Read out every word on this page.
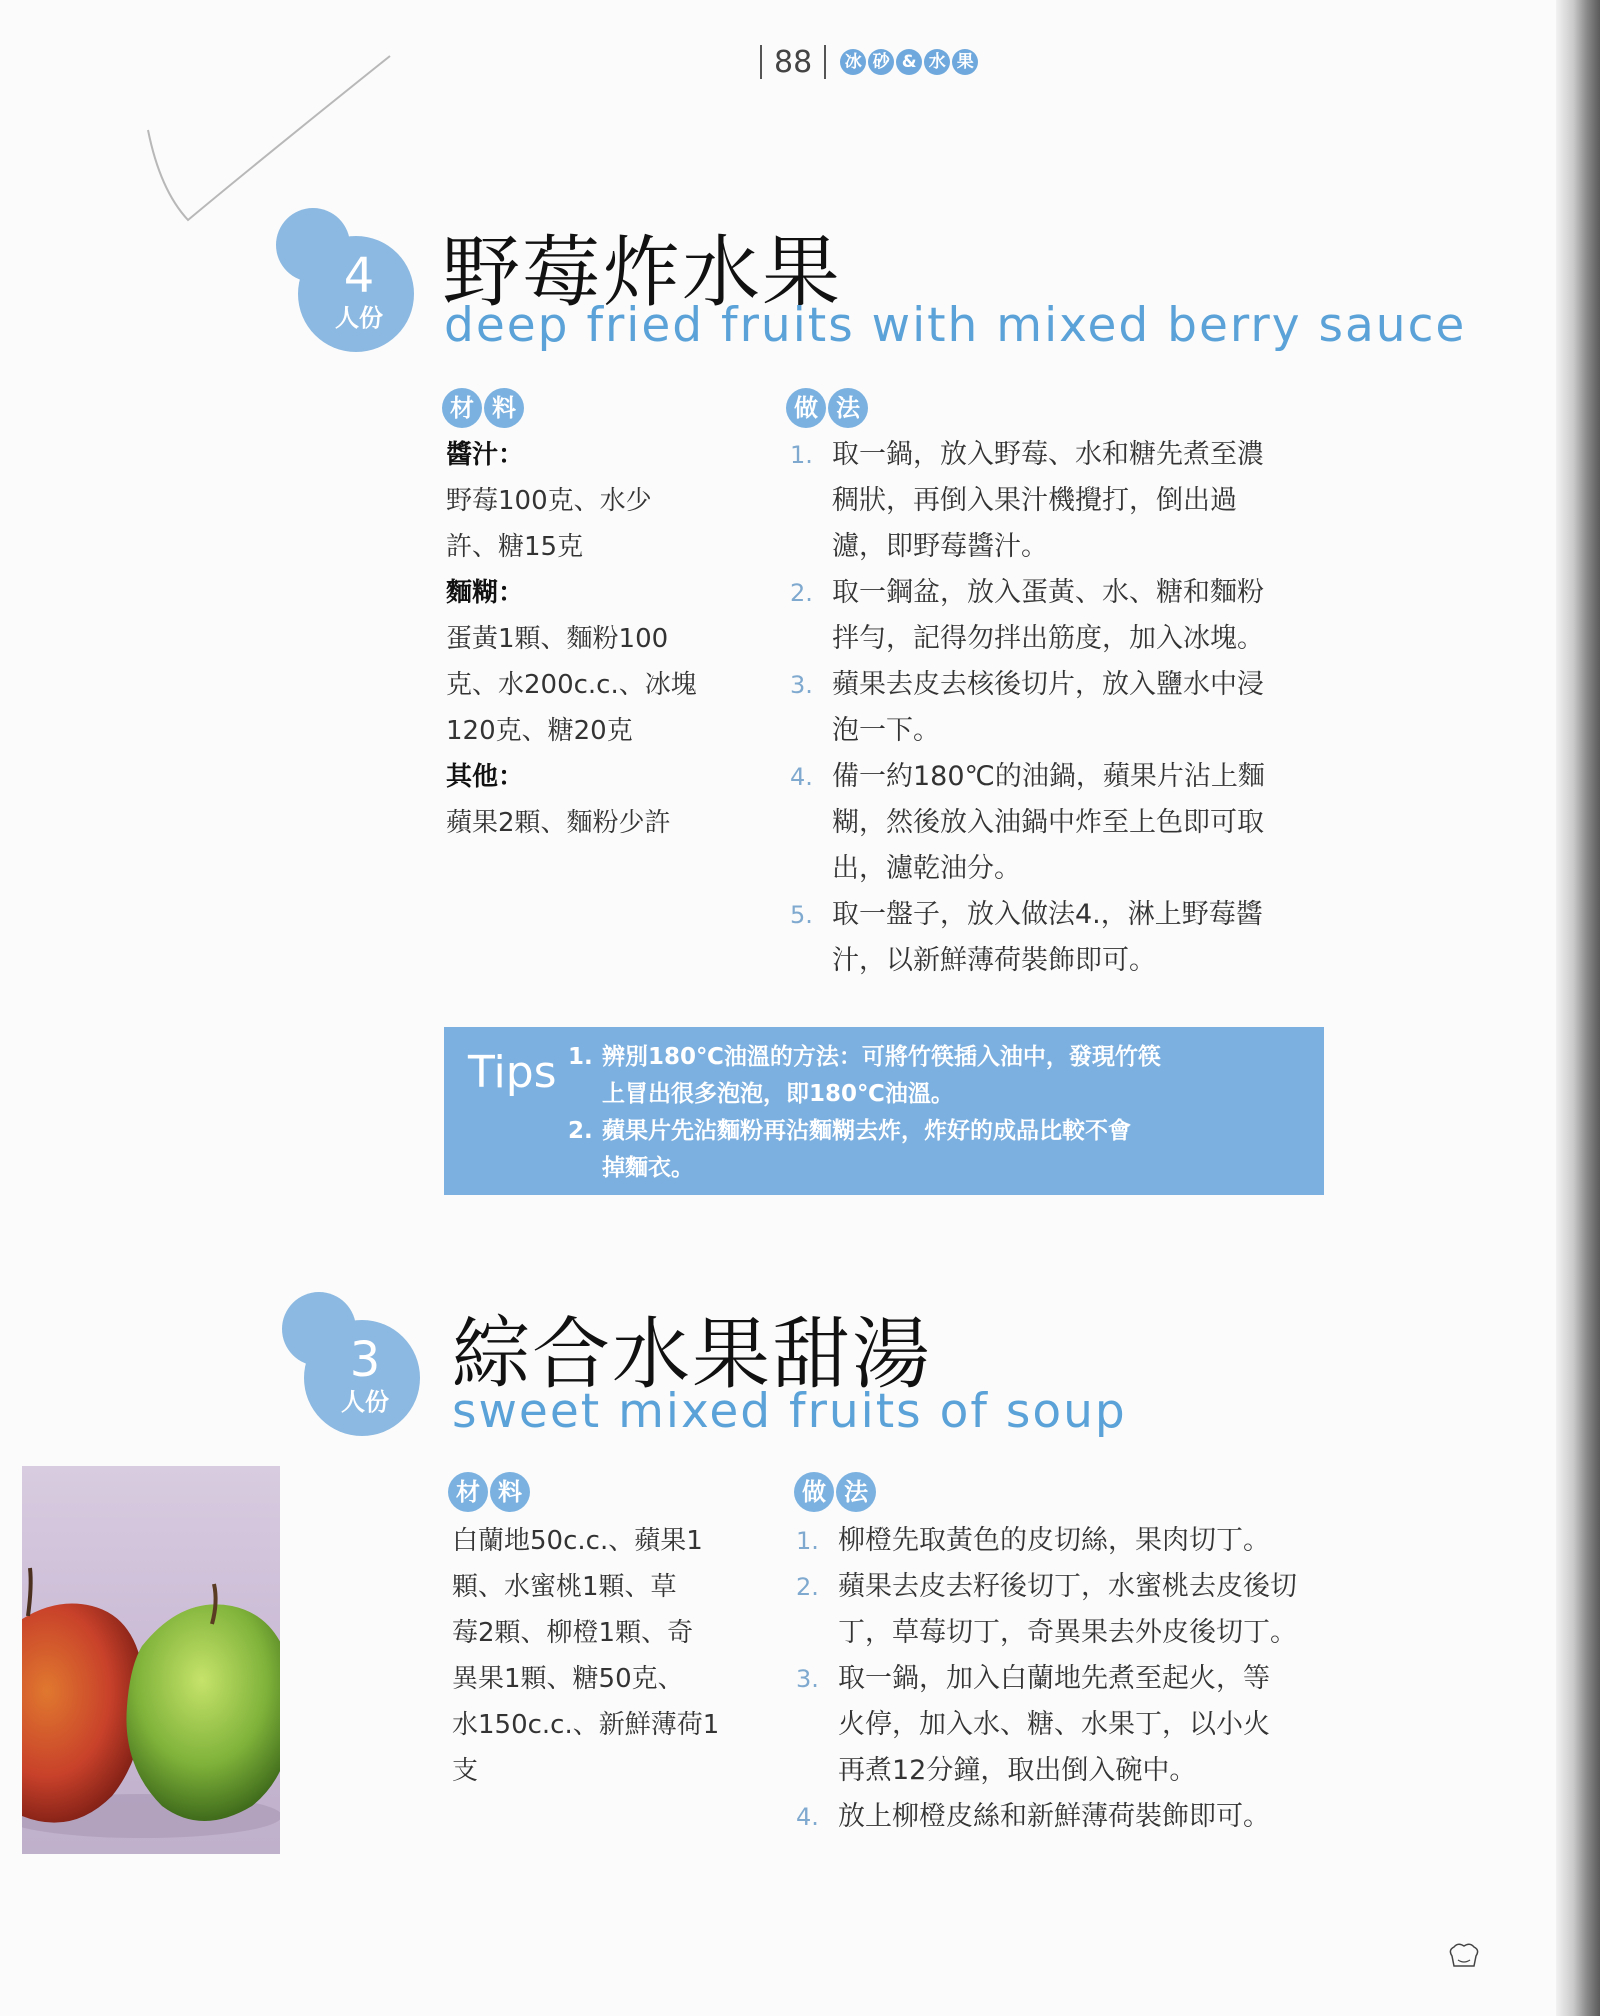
88 冰 砂 & 水 果
4
人份 野莓炸水果
deep fried fruits with mixed berry sauce
材 料	做 法
醬汁：
野莓100克、水少
許、糖15克
麵糊：
蛋黃1顆、麵粉100
克、水200c.c.、冰塊
120克、糖20克
其他：
蘋果2顆、麵粉少許
1. 取一鍋，放入野莓、水和糖先煮至濃
稠狀，再倒入果汁機攪打，倒出過
濾，即野莓醬汁。
2. 取一鋼盆，放入蛋黃、水、糖和麵粉
拌勻，記得勿拌出筋度，加入冰塊。
3. 蘋果去皮去核後切片，放入鹽水中浸
泡一下。
4. 備一約180℃的油鍋，蘋果片沾上麵
糊，然後放入油鍋中炸至上色即可取
出，濾乾油分。
5. 取一盤子，放入做法4.，淋上野莓醬
汁，以新鮮薄荷裝飾即可。
Tips 1. 辨別180℃油溫的方法：可將竹筷插入油中，發現竹筷
上冒出很多泡泡，即180℃油溫。
2. 蘋果片先沾麵粉再沾麵糊去炸，炸好的成品比較不會
掉麵衣。
3
人份
綜合水果甜湯
sweet mixed fruits of soup
材 料	做 法
白蘭地50c.c.、蘋果1
顆、水蜜桃1顆、草
莓2顆、柳橙1顆、奇
異果1顆、糖50克、
水150c.c.、新鮮薄荷1
支
1. 柳橙先取黃色的皮切絲，果肉切丁。
2. 蘋果去皮去籽後切丁，水蜜桃去皮後切
丁，草莓切丁，奇異果去外皮後切丁。
3. 取一鍋，加入白蘭地先煮至起火，等
火停，加入水、糖、水果丁，以小火
再煮12分鐘，取出倒入碗中。
4. 放上柳橙皮絲和新鮮薄荷裝飾即可。
